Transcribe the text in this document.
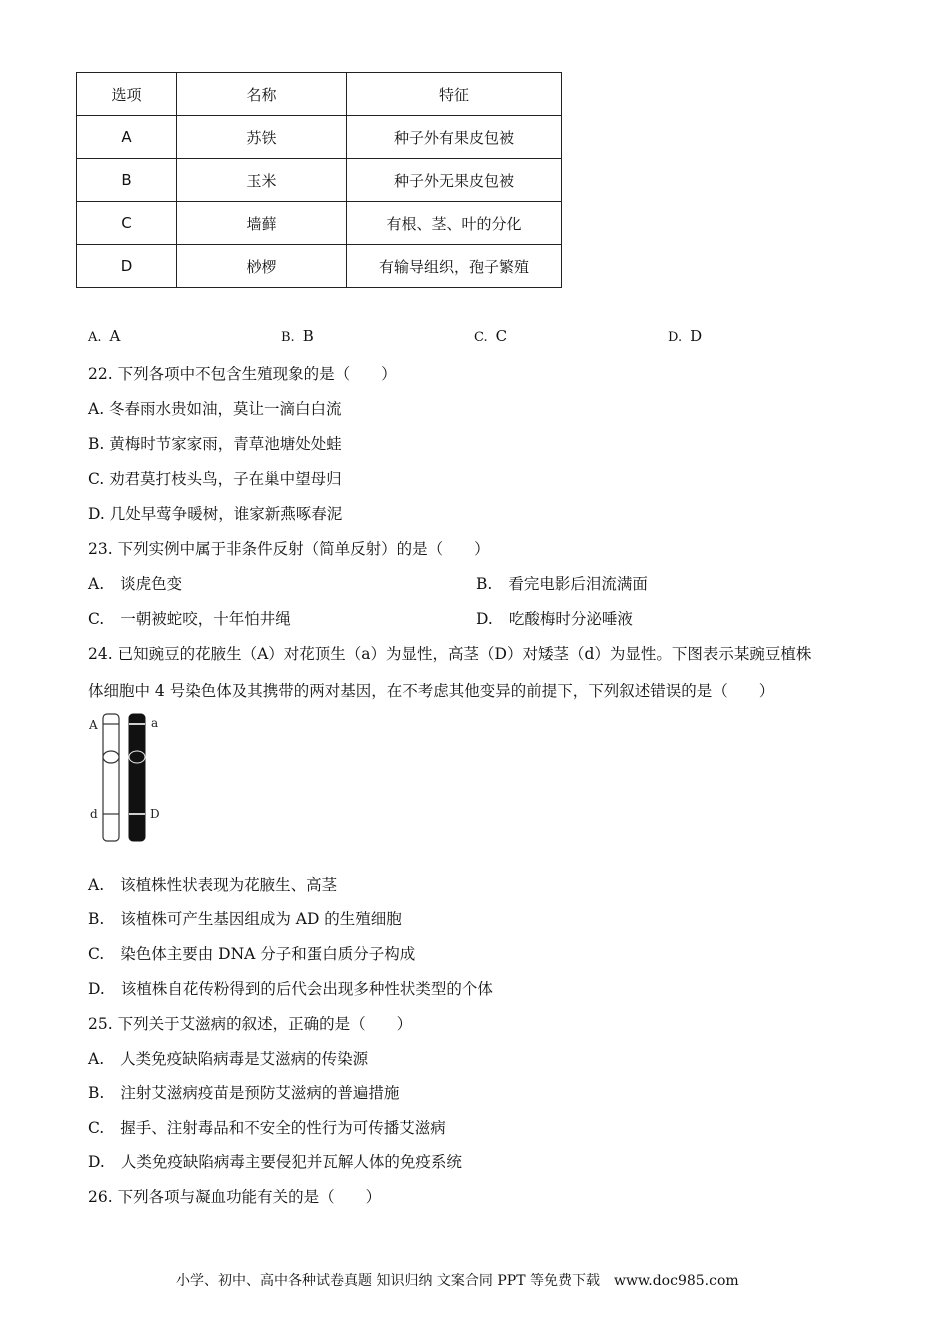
选项	名称	特征
A	苏铁	种子外有果皮包被
B	玉米	种子外无果皮包被
C	墙藓	有根、茎、叶的分化
D	桫椤	有输导组织，孢子繁殖
A. A	B. B	C. C	D. D
22. 下列各项中不包含生殖现象的是（　　）
A. 冬春雨水贵如油，莫让一滴白白流
B. 黄梅时节家家雨，青草池塘处处蛙
C. 劝君莫打枝头鸟，子在巢中望母归
D. 几处早莺争暖树，谁家新燕啄春泥
23. 下列实例中属于非条件反射（简单反射）的是（　　）
A. 谈虎色变	B. 看完电影后泪流满面
C. 一朝被蛇咬，十年怕井绳	D. 吃酸梅时分泌唾液
24. 已知豌豆的花腋生（A）对花顶生（a）为显性，高茎（D）对矮茎（d）为显性。下图表示某豌豆植株
体细胞中 4 号染色体及其携带的两对基因，在不考虑其他变异的前提下，下列叙述错误的是（　　）
A
d
a
D
A. 该植株性状表现为花腋生、高茎
B. 该植株可产生基因组成为 AD 的生殖细胞
C. 染色体主要由 DNA 分子和蛋白质分子构成
D. 该植株自花传粉得到的后代会出现多种性状类型的个体
25. 下列关于艾滋病的叙述，正确的是（　　）
A. 人类免疫缺陷病毒是艾滋病的传染源
B. 注射艾滋病疫苗是预防艾滋病的普遍措施
C. 握手、注射毒品和不安全的性行为可传播艾滋病
D. 人类免疫缺陷病毒主要侵犯并瓦解人体的免疫系统
26. 下列各项与凝血功能有关的是（　　）
小学、初中、高中各种试卷真题 知识归纳 文案合同 PPT 等免费下载　www.doc985.com
